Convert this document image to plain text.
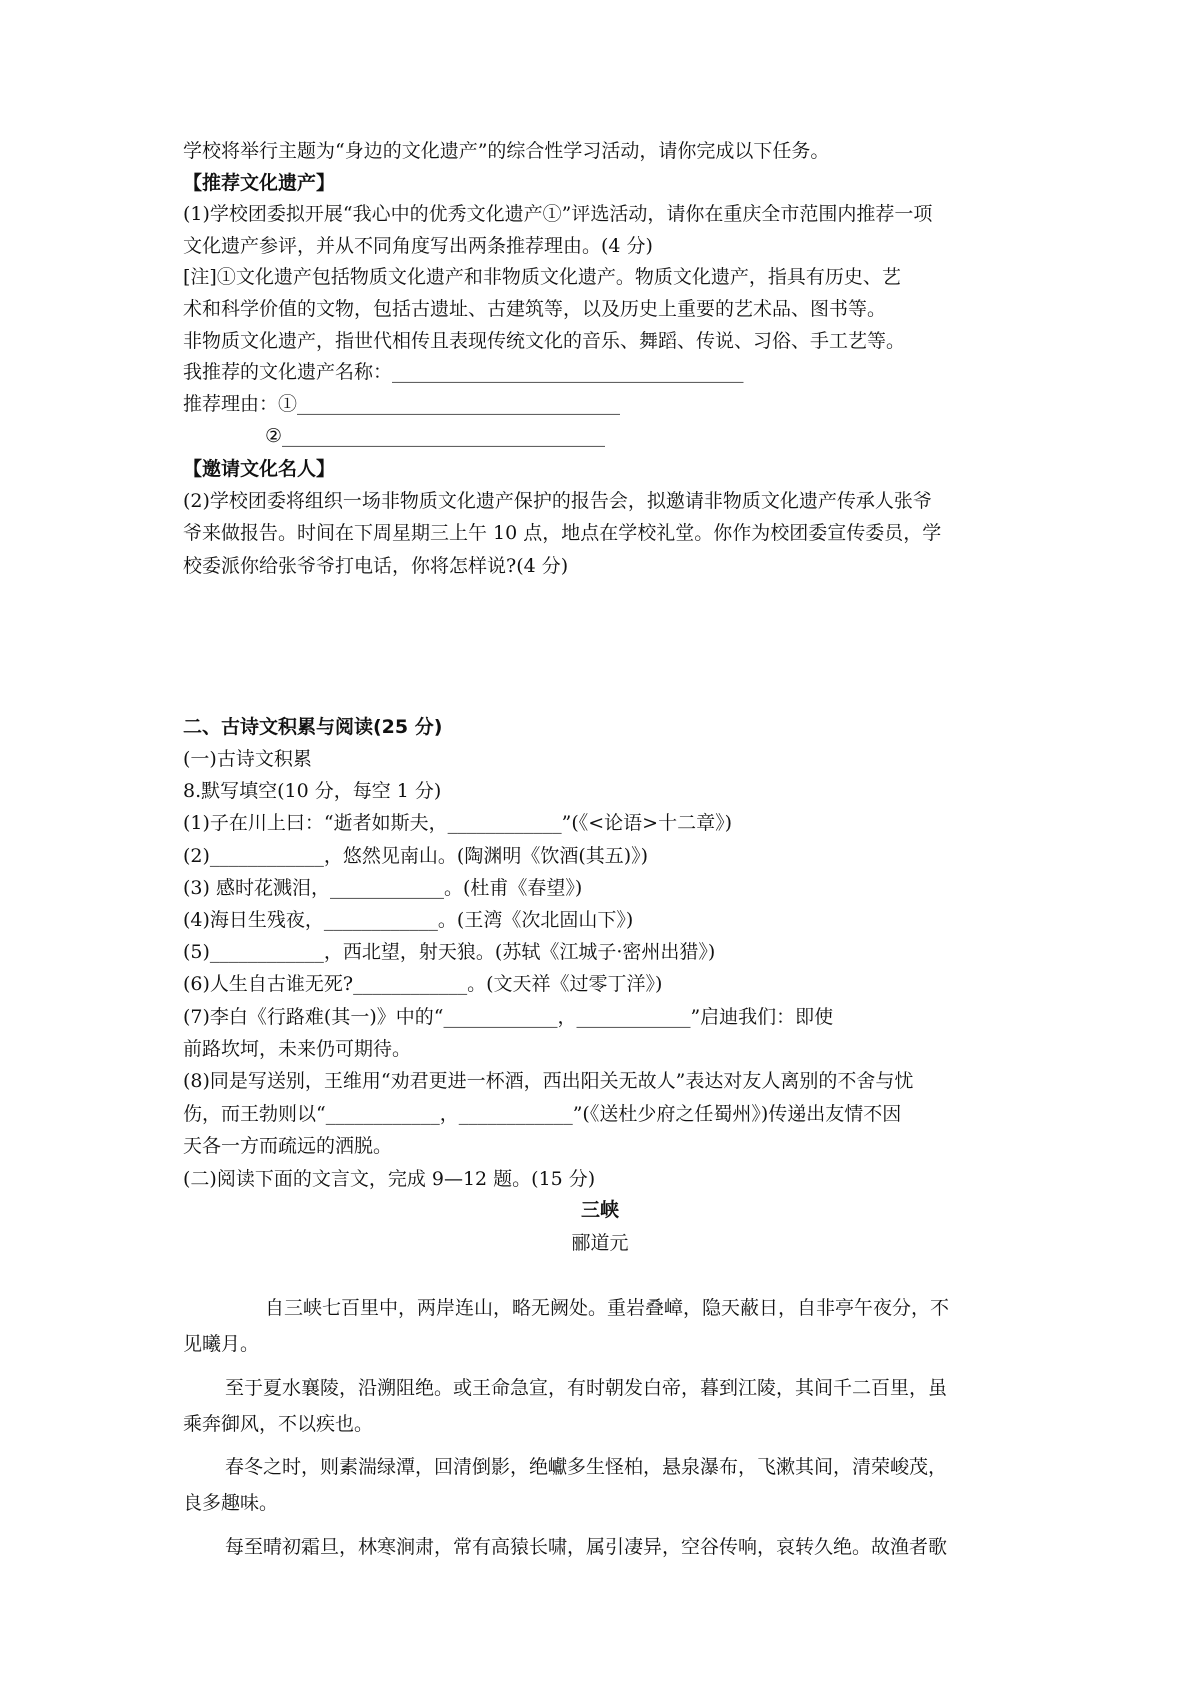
学校将举行主题为“身边的文化遗产”的综合性学习活动，请你完成以下任务。
【推荐文化遗产】
(1)学校团委拟开展“我心中的优秀文化遗产①”评选活动，请你在重庆全市范围内推荐一项
文化遗产参评，并从不同角度写出两条推荐理由。(4 分)
[注]①文化遗产包括物质文化遗产和非物质文化遗产。物质文化遗产，指具有历史、艺
术和科学价值的文物，包括古遗址、古建筑等，以及历史上重要的艺术品、图书等。
非物质文化遗产，指世代相传且表现传统文化的音乐、舞蹈、传说、习俗、手工艺等。
我推荐的文化遗产名称：_____________________________________
推荐理由：①__________________________________
②__________________________________
【邀请文化名人】
(2)学校团委将组织一场非物质文化遗产保护的报告会，拟邀请非物质文化遗产传承人张爷
爷来做报告。时间在下周星期三上午 10 点，地点在学校礼堂。你作为校团委宣传委员，学
校委派你给张爷爷打电话，你将怎样说?(4 分)
二、古诗文积累与阅读(25 分)
(一)古诗文积累
8.默写填空(10 分，每空 1 分)
(1)子在川上曰：“逝者如斯夫，____________”(《<论语>十二章》)
(2)____________，悠然见南山。(陶渊明《饮酒(其五)》)
(3) 感时花溅泪，____________。(杜甫《春望》)
(4)海日生残夜，____________。(王湾《次北固山下》)
(5)____________，西北望，射天狼。(苏轼《江城子·密州出猎》)
(6)人生自古谁无死?____________。(文天祥《过零丁洋》)
(7)李白《行路难(其一)》中的“____________，____________”启迪我们：即使
前路坎坷，未来仍可期待。
(8)同是写送别，王维用“劝君更进一杯酒，西出阳关无故人”表达对友人离别的不舍与忧
伤，而王勃则以“____________，____________”(《送杜少府之任蜀州》)传递出友情不因
天各一方而疏远的洒脱。
(二)阅读下面的文言文，完成 9—12 题。(15 分)
三峡
郦道元
自三峡七百里中，两岸连山，略无阙处。重岩叠嶂，隐天蔽日，自非亭午夜分，不
见曦月。
至于夏水襄陵，沿溯阻绝。或王命急宣，有时朝发白帝，暮到江陵，其间千二百里，虽
乘奔御风，不以疾也。
春冬之时，则素湍绿潭，回清倒影，绝巘多生怪柏，悬泉瀑布，飞漱其间，清荣峻茂，
良多趣味。
每至晴初霜旦，林寒涧肃，常有高猿长啸，属引凄异，空谷传响，哀转久绝。故渔者歌
